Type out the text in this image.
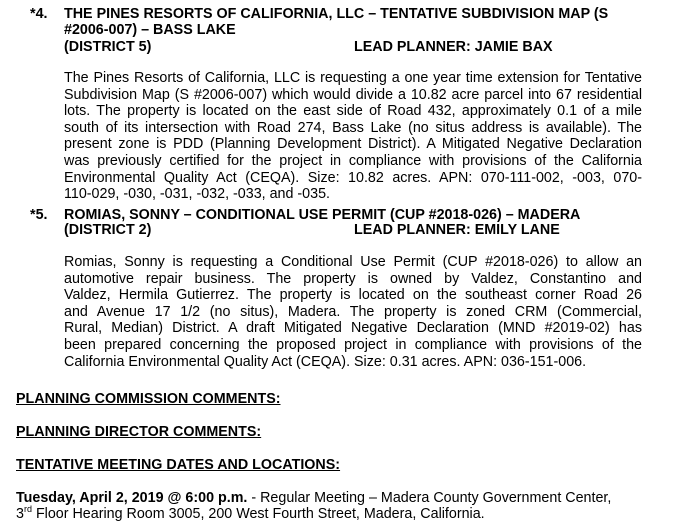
*4. THE PINES RESORTS OF CALIFORNIA, LLC – TENTATIVE SUBDIVISION MAP (S
#2006-007) – BASS LAKE
(DISTRICT 5)	LEAD PLANNER: JAMIE BAX
The Pines Resorts of California, LLC is requesting a one year time extension for Tentative
Subdivision Map (S #2006-007) which would divide a 10.82 acre parcel into 67 residential
lots. The property is located on the east side of Road 432, approximately 0.1 of a mile
south of its intersection with Road 274, Bass Lake (no situs address is available). The
present zone is PDD (Planning Development District). A Mitigated Negative Declaration
was previously certified for the project in compliance with provisions of the California
Environmental Quality Act (CEQA). Size: 10.82 acres. APN: 070-111-002, -003, 070-
110-029, -030, -031, -032, -033, and -035.
*5. ROMIAS, SONNY – CONDITIONAL USE PERMIT (CUP #2018-026) – MADERA
(DISTRICT 2)	LEAD PLANNER: EMILY LANE
Romias, Sonny is requesting a Conditional Use Permit (CUP #2018-026) to allow an
automotive repair business. The property is owned by Valdez, Constantino and
Valdez, Hermila Gutierrez. The property is located on the southeast corner Road 26
and Avenue 17 1/2 (no situs), Madera. The property is zoned CRM (Commercial,
Rural, Median) District. A draft Mitigated Negative Declaration (MND #2019-02) has
been prepared concerning the proposed project in compliance with provisions of the
California Environmental Quality Act (CEQA). Size: 0.31 acres. APN: 036-151-006.
PLANNING COMMISSION COMMENTS:
PLANNING DIRECTOR COMMENTS:
TENTATIVE MEETING DATES AND LOCATIONS:
Tuesday, April 2, 2019 @ 6:00 p.m. - Regular Meeting – Madera County Government Center,
3rd Floor Hearing Room 3005, 200 West Fourth Street, Madera, California.
